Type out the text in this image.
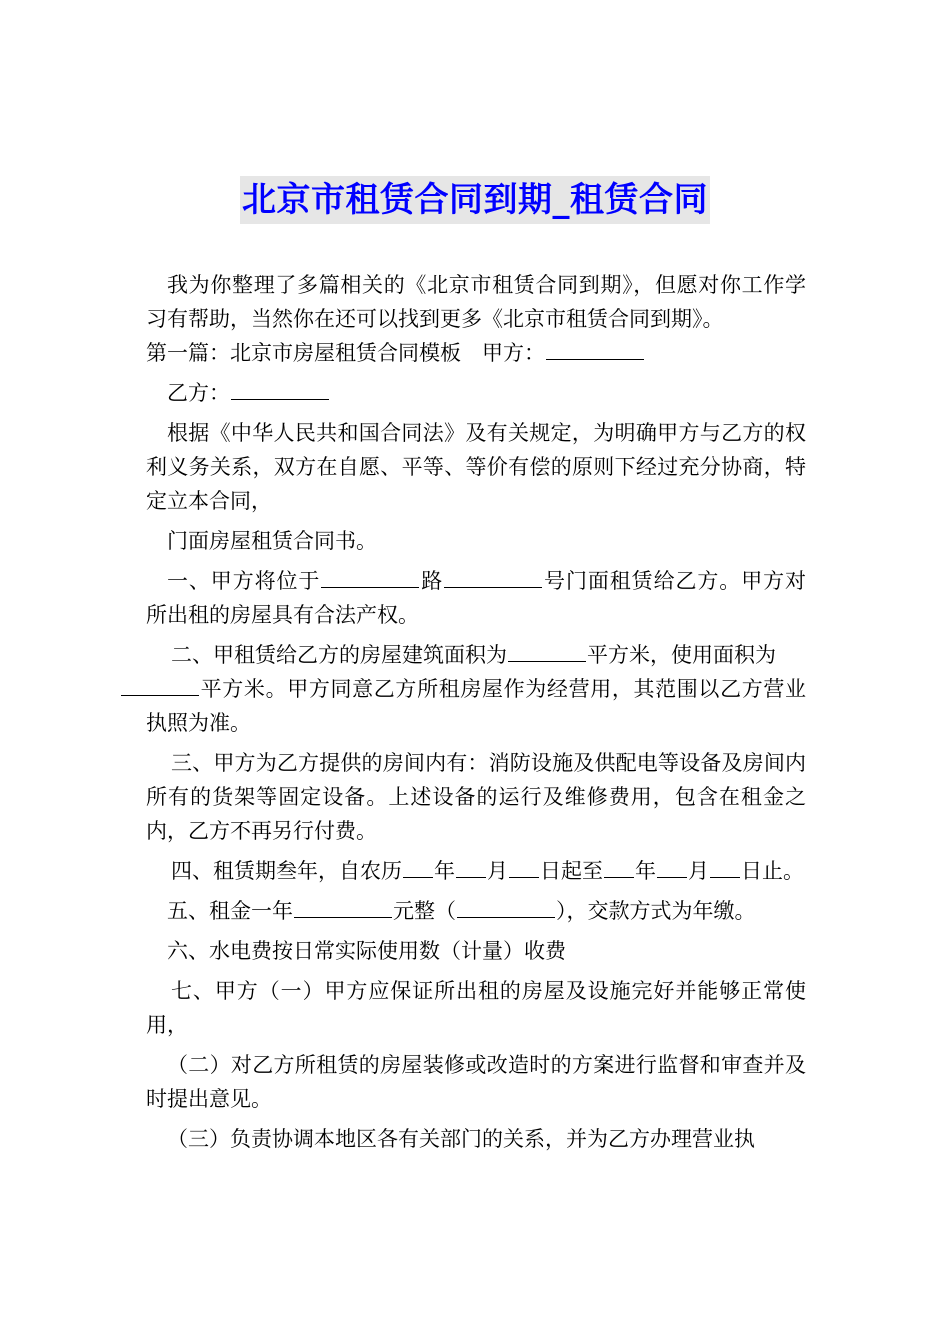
北京市租赁合同到期_租赁合同

我为你整理了多篇相关的《北京市租赁合同到期》，但愿对你工作学习有帮助，当然你在还可以找到更多《北京市租赁合同到期》。
第一篇：北京市房屋租赁合同模板　甲方：

乙方：

根据《中华人民共和国合同法》及有关规定，为明确甲方与乙方的权利义务关系，双方在自愿、平等、等价有偿的原则下经过充分协商，特定立本合同，

门面房屋租赁合同书。

一、甲方将位于	路	号门面租赁给乙方。甲方对所出租的房屋具有合法产权。

二、甲租赁给乙方的房屋建筑面积为	平方米，使用面积为
平方米。甲方同意乙方所租房屋作为经营用，其范围以乙方营业执照为准。

三、甲方为乙方提供的房间内有：消防设施及供配电等设备及房间内所有的货架等固定设备。上述设备的运行及维修费用，包含在租金之内，乙方不再另行付费。

四、租赁期叁年，自农历 年 月 日起至 年 月 日止。

五、租金一年	元整（	），交款方式为年缴。

六、水电费按日常实际使用数（计量）收费

七、甲方（一）甲方应保证所出租的房屋及设施完好并能够正常使用，

（二）对乙方所租赁的房屋装修或改造时的方案进行监督和审查并及时提出意见。

（三）负责协调本地区各有关部门的关系，并为乙方办理营业执
